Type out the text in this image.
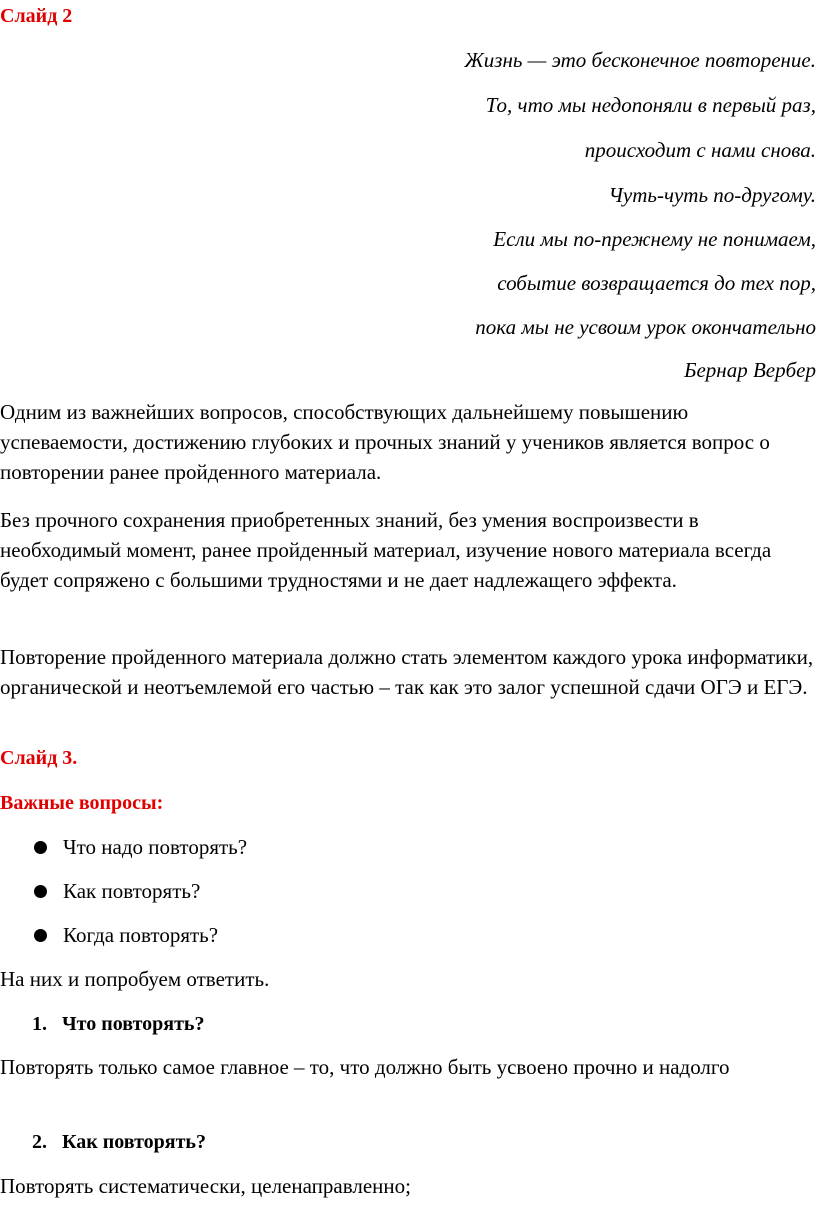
Слайд 2

Жизнь — это бесконечное повторение.

То, что мы недопоняли в первый раз,

происходит с нами снова.

Чуть-чуть по-другому.

Если мы по-прежнему не понимаем,

событие возвращается до тех пор,

пока мы не усвоим урок окончательно

Бернар Вербер

Одним из важнейших вопросов, способствующих дальнейшему повышению успеваемости, достижению глубоких и прочных знаний у учеников является вопрос о повторении ранее пройденного материала.

Без прочного сохранения приобретенных знаний, без умения воспроизвести в необходимый момент, ранее пройденный материал, изучение нового материала всегда будет сопряжено с большими трудностями и не дает надлежащего эффекта.

Повторение пройденного материала должно стать элементом каждого урока информатики, органической и неотъемлемой его частью – так как это залог успешной сдачи ОГЭ и ЕГЭ.

Слайд 3.

Важные вопросы:

Что надо повторять?
Как повторять?
Когда повторять?

На них и попробуем ответить.

1. Что повторять?

Повторять только самое главное – то, что должно быть усвоено прочно и надолго

2. Как повторять?

Повторять систематически, целенаправленно;
